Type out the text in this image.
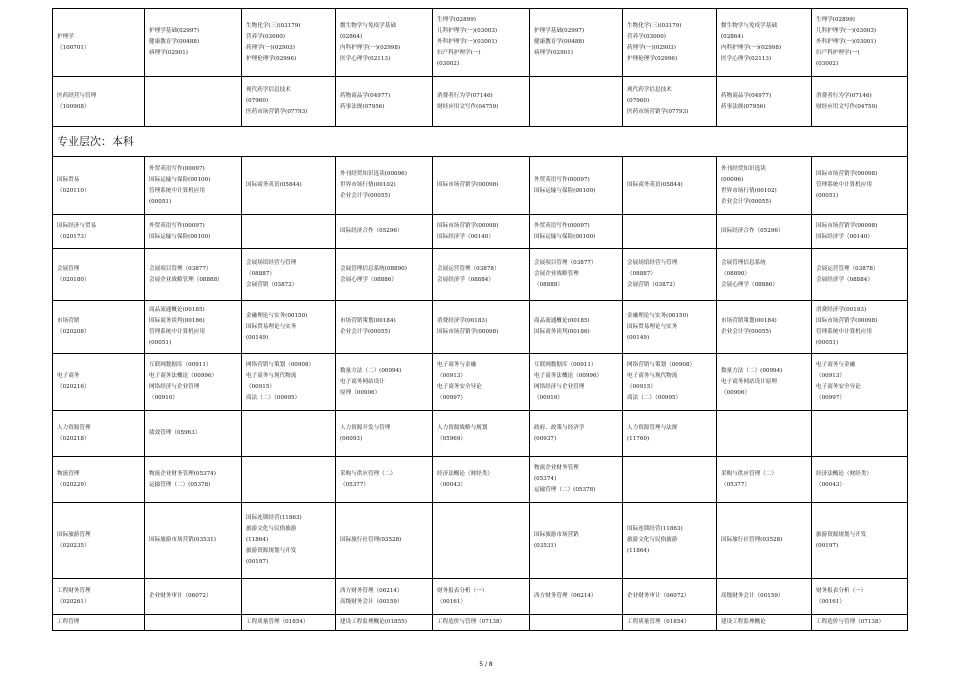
护理学
（100701）	护理学基础(02997)
健康教育学(00488)
病理学(02901)	生物化学(三)(03179)
营养学(03000)
药理学(一)(02903)
护理伦理学(02996)	微生物学与免疫学基础
(02864)
内科护理学(一)(02998)
医学心理学(02113)	生理学(02899)
儿科护理学(一)(03003)
外科护理学(一)(03001)
妇产科护理学(一)
(03002)	护理学基础(02997)
健康教育学(00488)
病理学(02901)	生物化学(三)(03179)
营养学(03000)
药理学(一)(02903)
护理伦理学(02996)	微生物学与免疫学基础
(02864)
内科护理学(一)(02998)
医学心理学(02113)	生理学(02899)
儿科护理学(一)(03003)
外科护理学(一)(03001)
妇产科护理学(一)
(03002)

医药经营与管理
（100908）		现代药学信息技术
(07960)
医药市场营销学(07793)	药物商品学(04977)
药事法规(07956)	消费者行为学(07146)
财经应用文写作(04759)		现代药学信息技术
(07960)
医药市场营销学(07793)	药物商品学(04977)
药事法规(07956)	消费者行为学(07146)
财经应用文写作(04759)

专业层次：本科								

国际贸易
（020110）	外贸英语写作(00097)
国际运输与保险(00100)
管理系统中计算机应用
(00051)	国际商务英语(05844)	外刊经贸知识选读(00096)
世界市场行情(00102)
企业会计学(00055)	国际市场营销学(00098)	外贸英语写作(00097)
国际运输与保险(00100)	国际商务英语(05844)	外刊经贸知识选读
(00096)
世界市场行情(00102)
企业会计学(00055)	国际市场营销学(00098)
管理系统中计算机应用
(00051)

国际经济与贸易
（020173）	外贸英语写作(00097)
国际运输与保险(00100)		国际经济合作（05296）	国际市场营销学(00098)
国际经济学（00140）	外贸英语写作(00097)
国际运输与保险(00100)		国际经济合作（05296）	国际市场营销学(00098)
国际经济学（00140）

会展管理
（020180）	会展项目管理（03877）
会展企业战略管理（08888）	会展场馆经营与管理
（08887）
会展营销（03872）	会展管理信息系统(08890)
会展心理学（08886）	会展运营管理（03878）
会展经济学（08884）	会展项目管理（03877）
会展企业战略管理
（08888）	会展场馆经营与管理
（08887）
会展营销（03872）	会展管理信息系统
（08890）
会展心理学（08886）	会展运营管理（03878）
会展经济学（08884）

市场营销
（020208）	商品流通概论(00185)
国际商务谈判(00186)
管理系统中计算机应用
(00051)	金融理论与实务(00150)
国际贸易理论与实务
(00149)	市场营销策划(00184)
企业会计学(00055)	消费经济学(00183)
国际市场营销学(00098)	商品流通概论(00185)
国际商务谈判(00186)	金融理论与实务(00150)
国际贸易理论与实务
(00149)	市场营销策划(00184)
企业会计学(00055)	消费经济学(00183)
国际市场营销学(00098)
管理系统中计算机应用
(00051)

电子商务
（020216）	互联网数据库（00911）
电子商务法概论（00996）
网络经济与企业管理
（00910）	网络营销与策划（00908）
电子商务与现代物流
（00915）
商法（二）（00995）	数量方法（二）(00994)
电子商务网站设计
原理（00906）	电子商务与金融
（00913）
电子商务安全导论
（00997）	互联网数据库（00911）
电子商务法概论（00996）
网络经济与企业管理
（00910）	网络营销与策划（00908）
电子商务与现代物流
（00915）
商法（二）（00995）	数量方法（二）(00994)
电子商务网站设计原理
（00906）	电子商务与金融
（00913）
电子商务安全导论
（00997）

人力资源管理
（020218）	绩效管理（05963）		人力资源开发与管理
(06093)	人力资源战略与规划
（05969）	政府、政策与经济学
(00937)	人力资源管理与法规
(11760)		

物流管理
（020229）	物流企业财务管理(05374)
运输管理（二）(05378)		采购与供应管理（二）
（05377）	经济法概论（财经类）
（00043）	物流企业财务管理
(05374)
运输管理（二）(05378)		采购与供应管理（二）
（05377）	经济法概论（财经类）
（00043）

国际旅游管理
（020235）	国际旅游市场营销(03531)	国际连锁经营(11863)
旅游文化与民俗旅游
(11864)
旅游资源规划与开发
(00197)	国际旅行社管理(03528)		国际旅游市场营销
(03531)	国际连锁经营(11863)
旅游文化与民俗旅游
(11864)	国际旅行社管理(03528)	旅游资源规划与开发
(00197)

工程财务管理
（020261）	企业财务审计（06072）		西方财务管理（06214）
高级财务会计（00159）	财务报表分析（一）
（00161）	西方财务管理（06214）	企业财务审计（06072）	高级财务会计（00159）	财务报表分析（一）
（00161）

工程管理		工程质量管理（01854）	建设工程监理概论(01855)	工程造价与管理（07138）		工程质量管理（01854）	建设工程监理概论	工程造价与管理（07138）
5 / 8
